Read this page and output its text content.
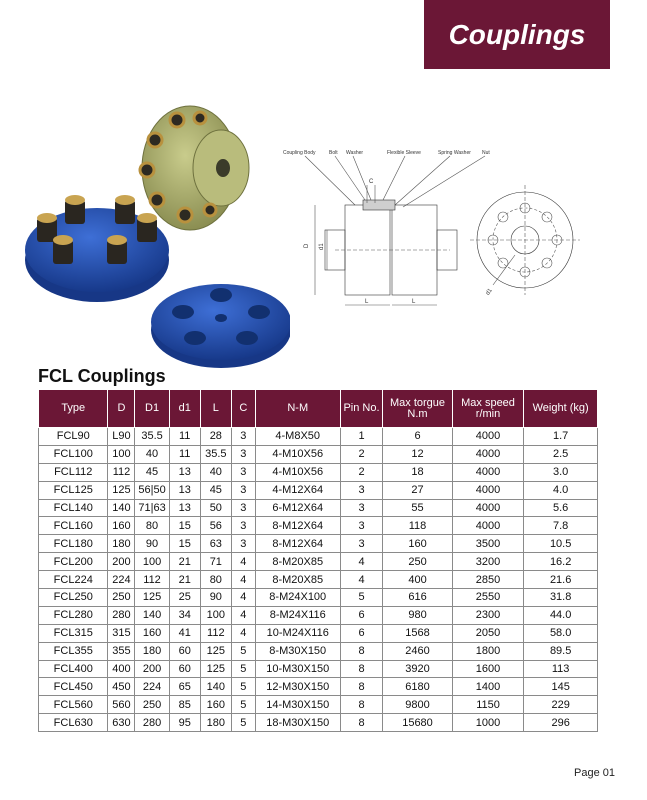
Couplings
Coupling Body	Bolt Washer	Flexible Sleeve	Spring Washer Nut
C
D d1
L	L
d1
FCL Couplings
Type	D	D1	d1	L	C	N-M	Pin No.	Max torgue N.m	Max speed r/min	Weight (kg)
FCL90	L90	35.5	11	28	3	4-M8X50	1	6	4000	1.7
FCL100	100	40	11	35.5	3	4-M10X56	2	12	4000	2.5
FCL112	112	45	13	40	3	4-M10X56	2	18	4000	3.0
FCL125	125	56|50	13	45	3	4-M12X64	3	27	4000	4.0
FCL140	140	71|63	13	50	3	6-M12X64	3	55	4000	5.6
FCL160	160	80	15	56	3	8-M12X64	3	118	4000	7.8
FCL180	180	90	15	63	3	8-M12X64	3	160	3500	10.5
FCL200	200	100	21	71	4	8-M20X85	4	250	3200	16.2
FCL224	224	112	21	80	4	8-M20X85	4	400	2850	21.6
FCL250	250	125	25	90	4	8-M24X100	5	616	2550	31.8
FCL280	280	140	34	100	4	8-M24X116	6	980	2300	44.0
FCL315	315	160	41	112	4	10-M24X116	6	1568	2050	58.0
FCL355	355	180	60	125	5	8-M30X150	8	2460	1800	89.5
FCL400	400	200	60	125	5	10-M30X150	8	3920	1600	113
FCL450	450	224	65	140	5	12-M30X150	8	6180	1400	145
FCL560	560	250	85	160	5	14-M30X150	8	9800	1150	229
FCL630	630	280	95	180	5	18-M30X150	8	15680	1000	296
Page 01
